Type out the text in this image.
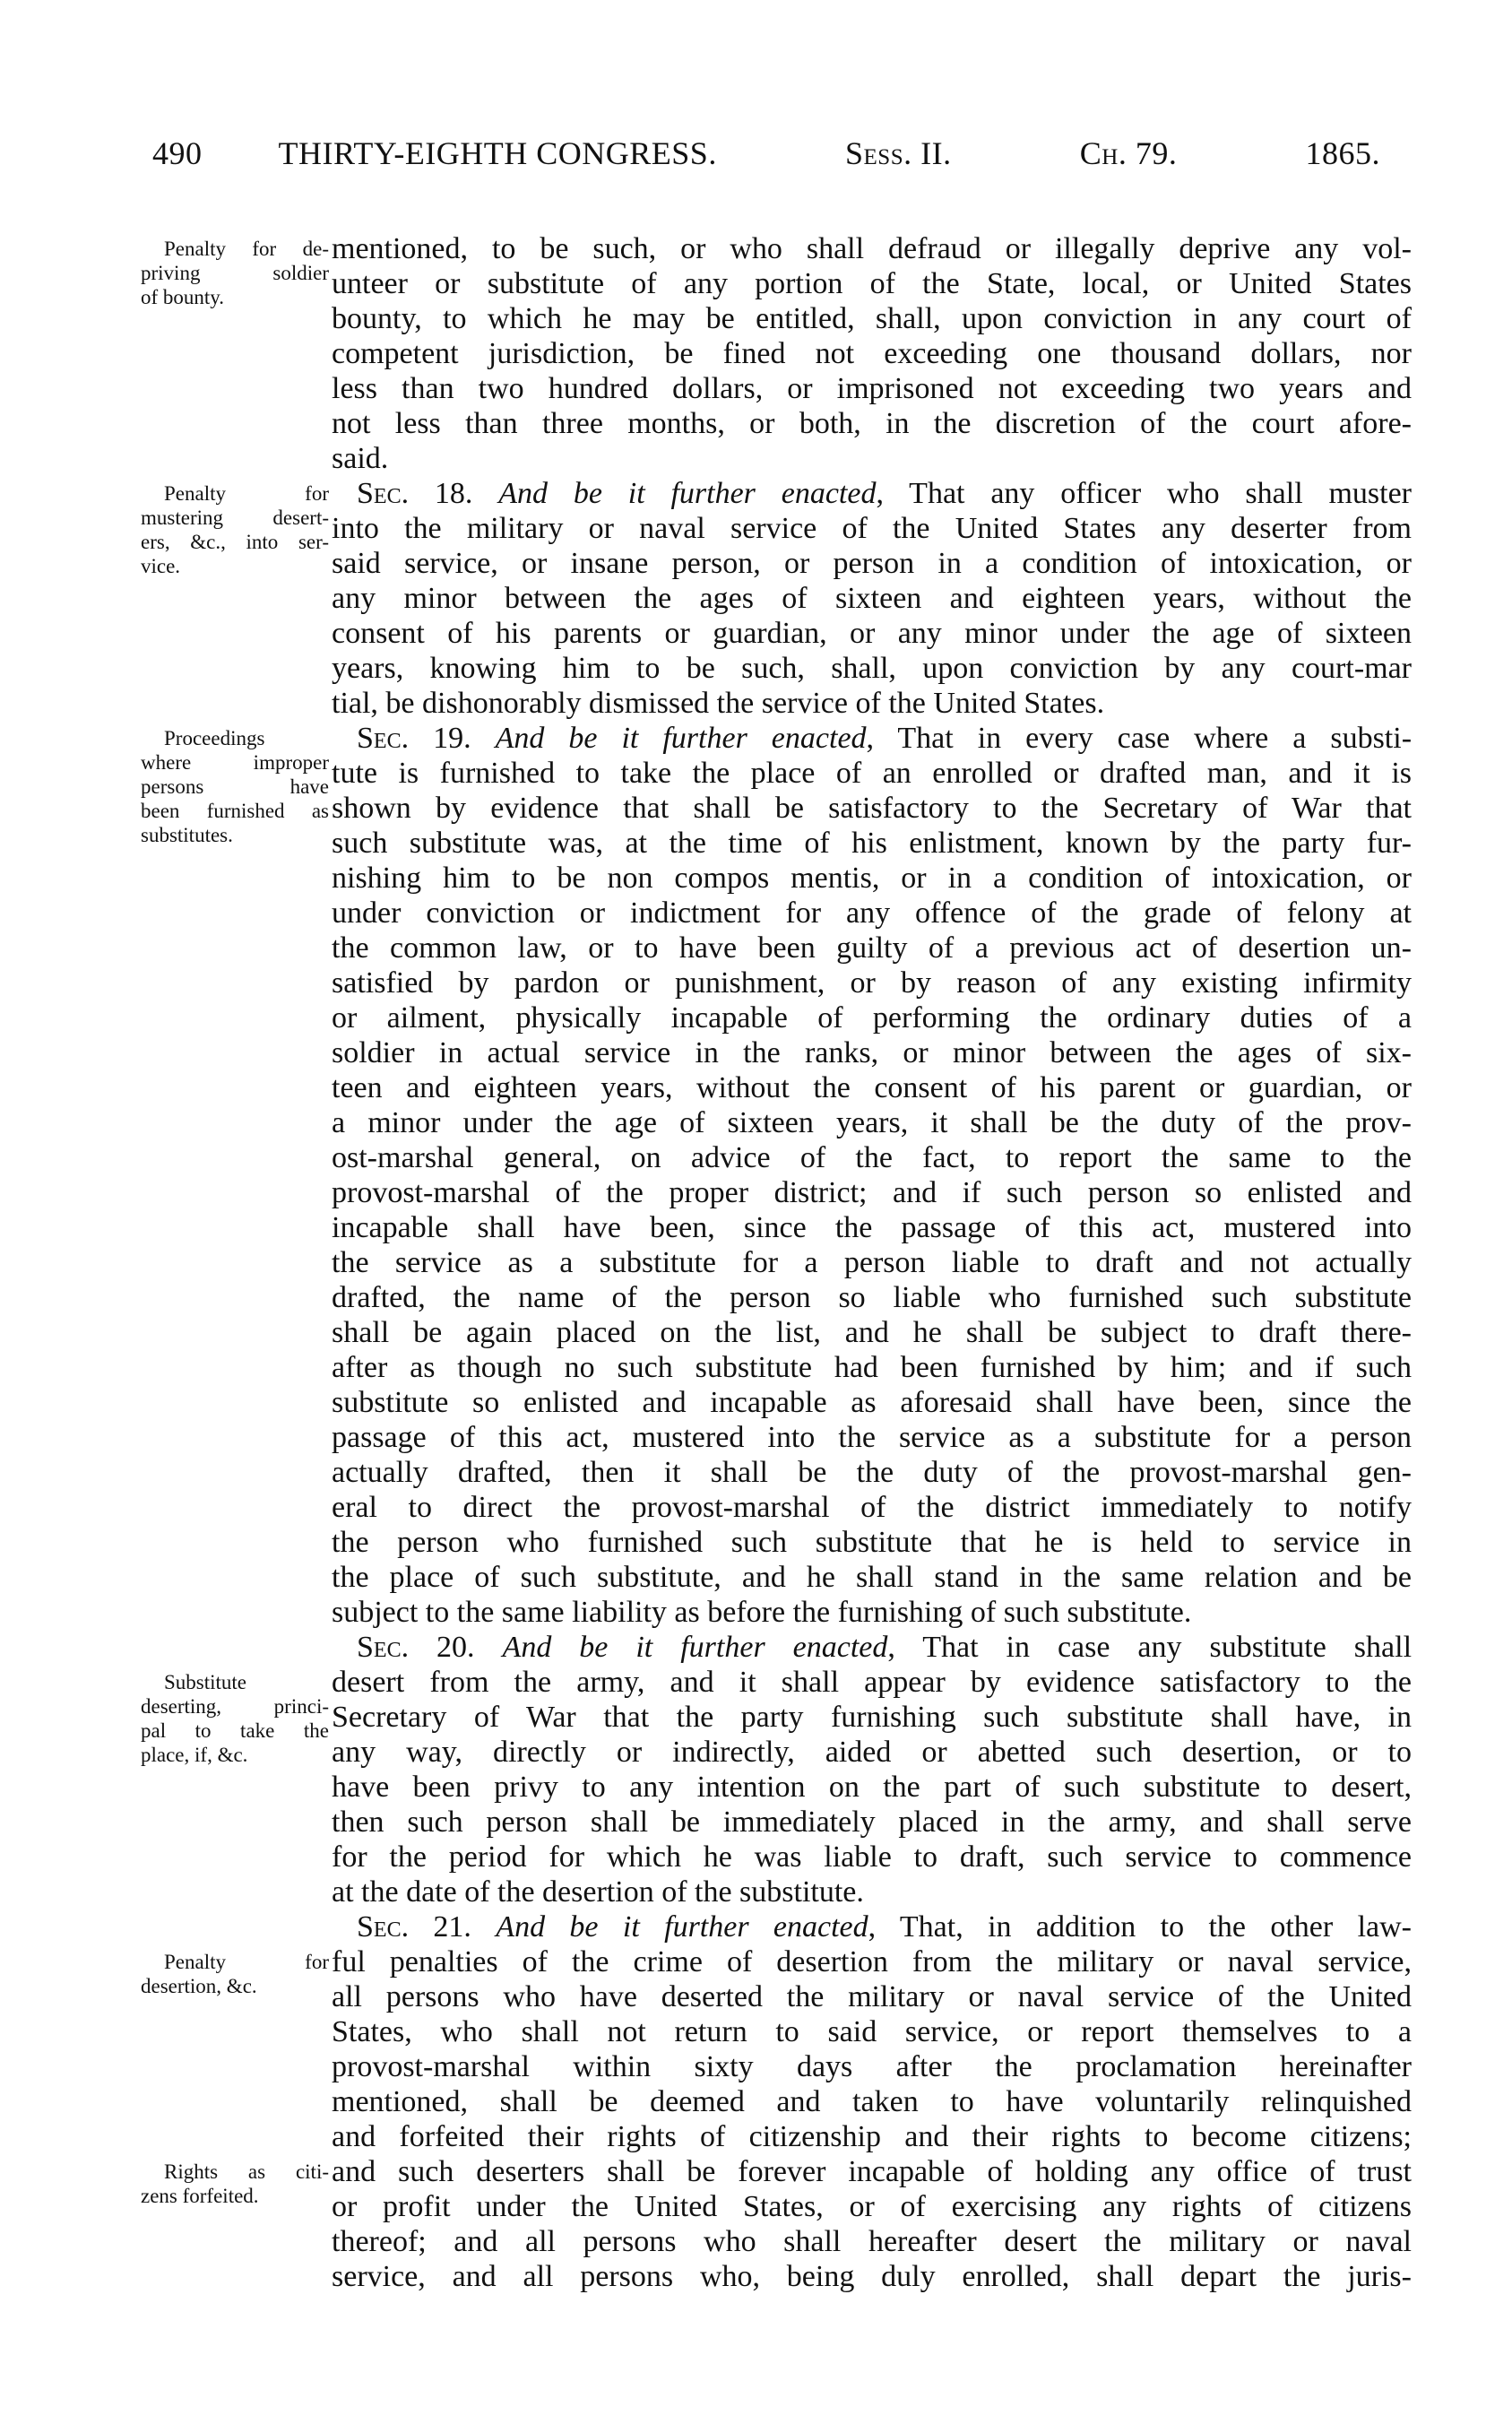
490 THIRTY-EIGHTH CONGRESS.	Sess. II.	Ch. 79.	1865.
Penalty for de-
priving soldier
of bounty.
Penalty for
mustering desert-
ers, &c., into ser-
vice.
Proceedings
where improper
persons have
been furnished as
substitutes.
Substitute
deserting, princi-
pal to take the
place, if, &c.
Penalty for
desertion, &c.
Rights as citi-
zens forfeited.
mentioned, to be such, or who shall defraud or illegally deprive any vol-
unteer or substitute of any portion of the State, local, or United States
bounty, to which he may be entitled, shall, upon conviction in any court of
competent jurisdiction, be fined not exceeding one thousand dollars, nor
less than two hundred dollars, or imprisoned not exceeding two years and
not less than three months, or both, in the discretion of the court afore-
said.
Sec. 18. And be it further enacted, That any officer who shall muster
into the military or naval service of the United States any deserter from
said service, or insane person, or person in a condition of intoxication, or
any minor between the ages of sixteen and eighteen years, without the
consent of his parents or guardian, or any minor under the age of sixteen
years, knowing him to be such, shall, upon conviction by any court-mar
tial, be dishonorably dismissed the service of the United States.
Sec. 19. And be it further enacted, That in every case where a substi-
tute is furnished to take the place of an enrolled or drafted man, and it is
shown by evidence that shall be satisfactory to the Secretary of War that
such substitute was, at the time of his enlistment, known by the party fur-
nishing him to be non compos mentis, or in a condition of intoxication, or
under conviction or indictment for any offence of the grade of felony at
the common law, or to have been guilty of a previous act of desertion un-
satisfied by pardon or punishment, or by reason of any existing infirmity
or ailment, physically incapable of performing the ordinary duties of a
soldier in actual service in the ranks, or minor between the ages of six-
teen and eighteen years, without the consent of his parent or guardian, or
a minor under the age of sixteen years, it shall be the duty of the prov-
ost-marshal general, on advice of the fact, to report the same to the
provost-marshal of the proper district; and if such person so enlisted and
incapable shall have been, since the passage of this act, mustered into
the service as a substitute for a person liable to draft and not actually
drafted, the name of the person so liable who furnished such substitute
shall be again placed on the list, and he shall be subject to draft there-
after as though no such substitute had been furnished by him; and if such
substitute so enlisted and incapable as aforesaid shall have been, since the
passage of this act, mustered into the service as a substitute for a person
actually drafted, then it shall be the duty of the provost-marshal gen-
eral to direct the provost-marshal of the district immediately to notify
the person who furnished such substitute that he is held to service in
the place of such substitute, and he shall stand in the same relation and be
subject to the same liability as before the furnishing of such substitute.
Sec. 20. And be it further enacted, That in case any substitute shall
desert from the army, and it shall appear by evidence satisfactory to the
Secretary of War that the party furnishing such substitute shall have, in
any way, directly or indirectly, aided or abetted such desertion, or to
have been privy to any intention on the part of such substitute to desert,
then such person shall be immediately placed in the army, and shall serve
for the period for which he was liable to draft, such service to commence
at the date of the desertion of the substitute.
Sec. 21. And be it further enacted, That, in addition to the other law-
ful penalties of the crime of desertion from the military or naval service,
all persons who have deserted the military or naval service of the United
States, who shall not return to said service, or report themselves to a
provost-marshal within sixty days after the proclamation hereinafter
mentioned, shall be deemed and taken to have voluntarily relinquished
and forfeited their rights of citizenship and their rights to become citizens;
and such deserters shall be forever incapable of holding any office of trust
or profit under the United States, or of exercising any rights of citizens
thereof; and all persons who shall hereafter desert the military or naval
service, and all persons who, being duly enrolled, shall depart the juris-
